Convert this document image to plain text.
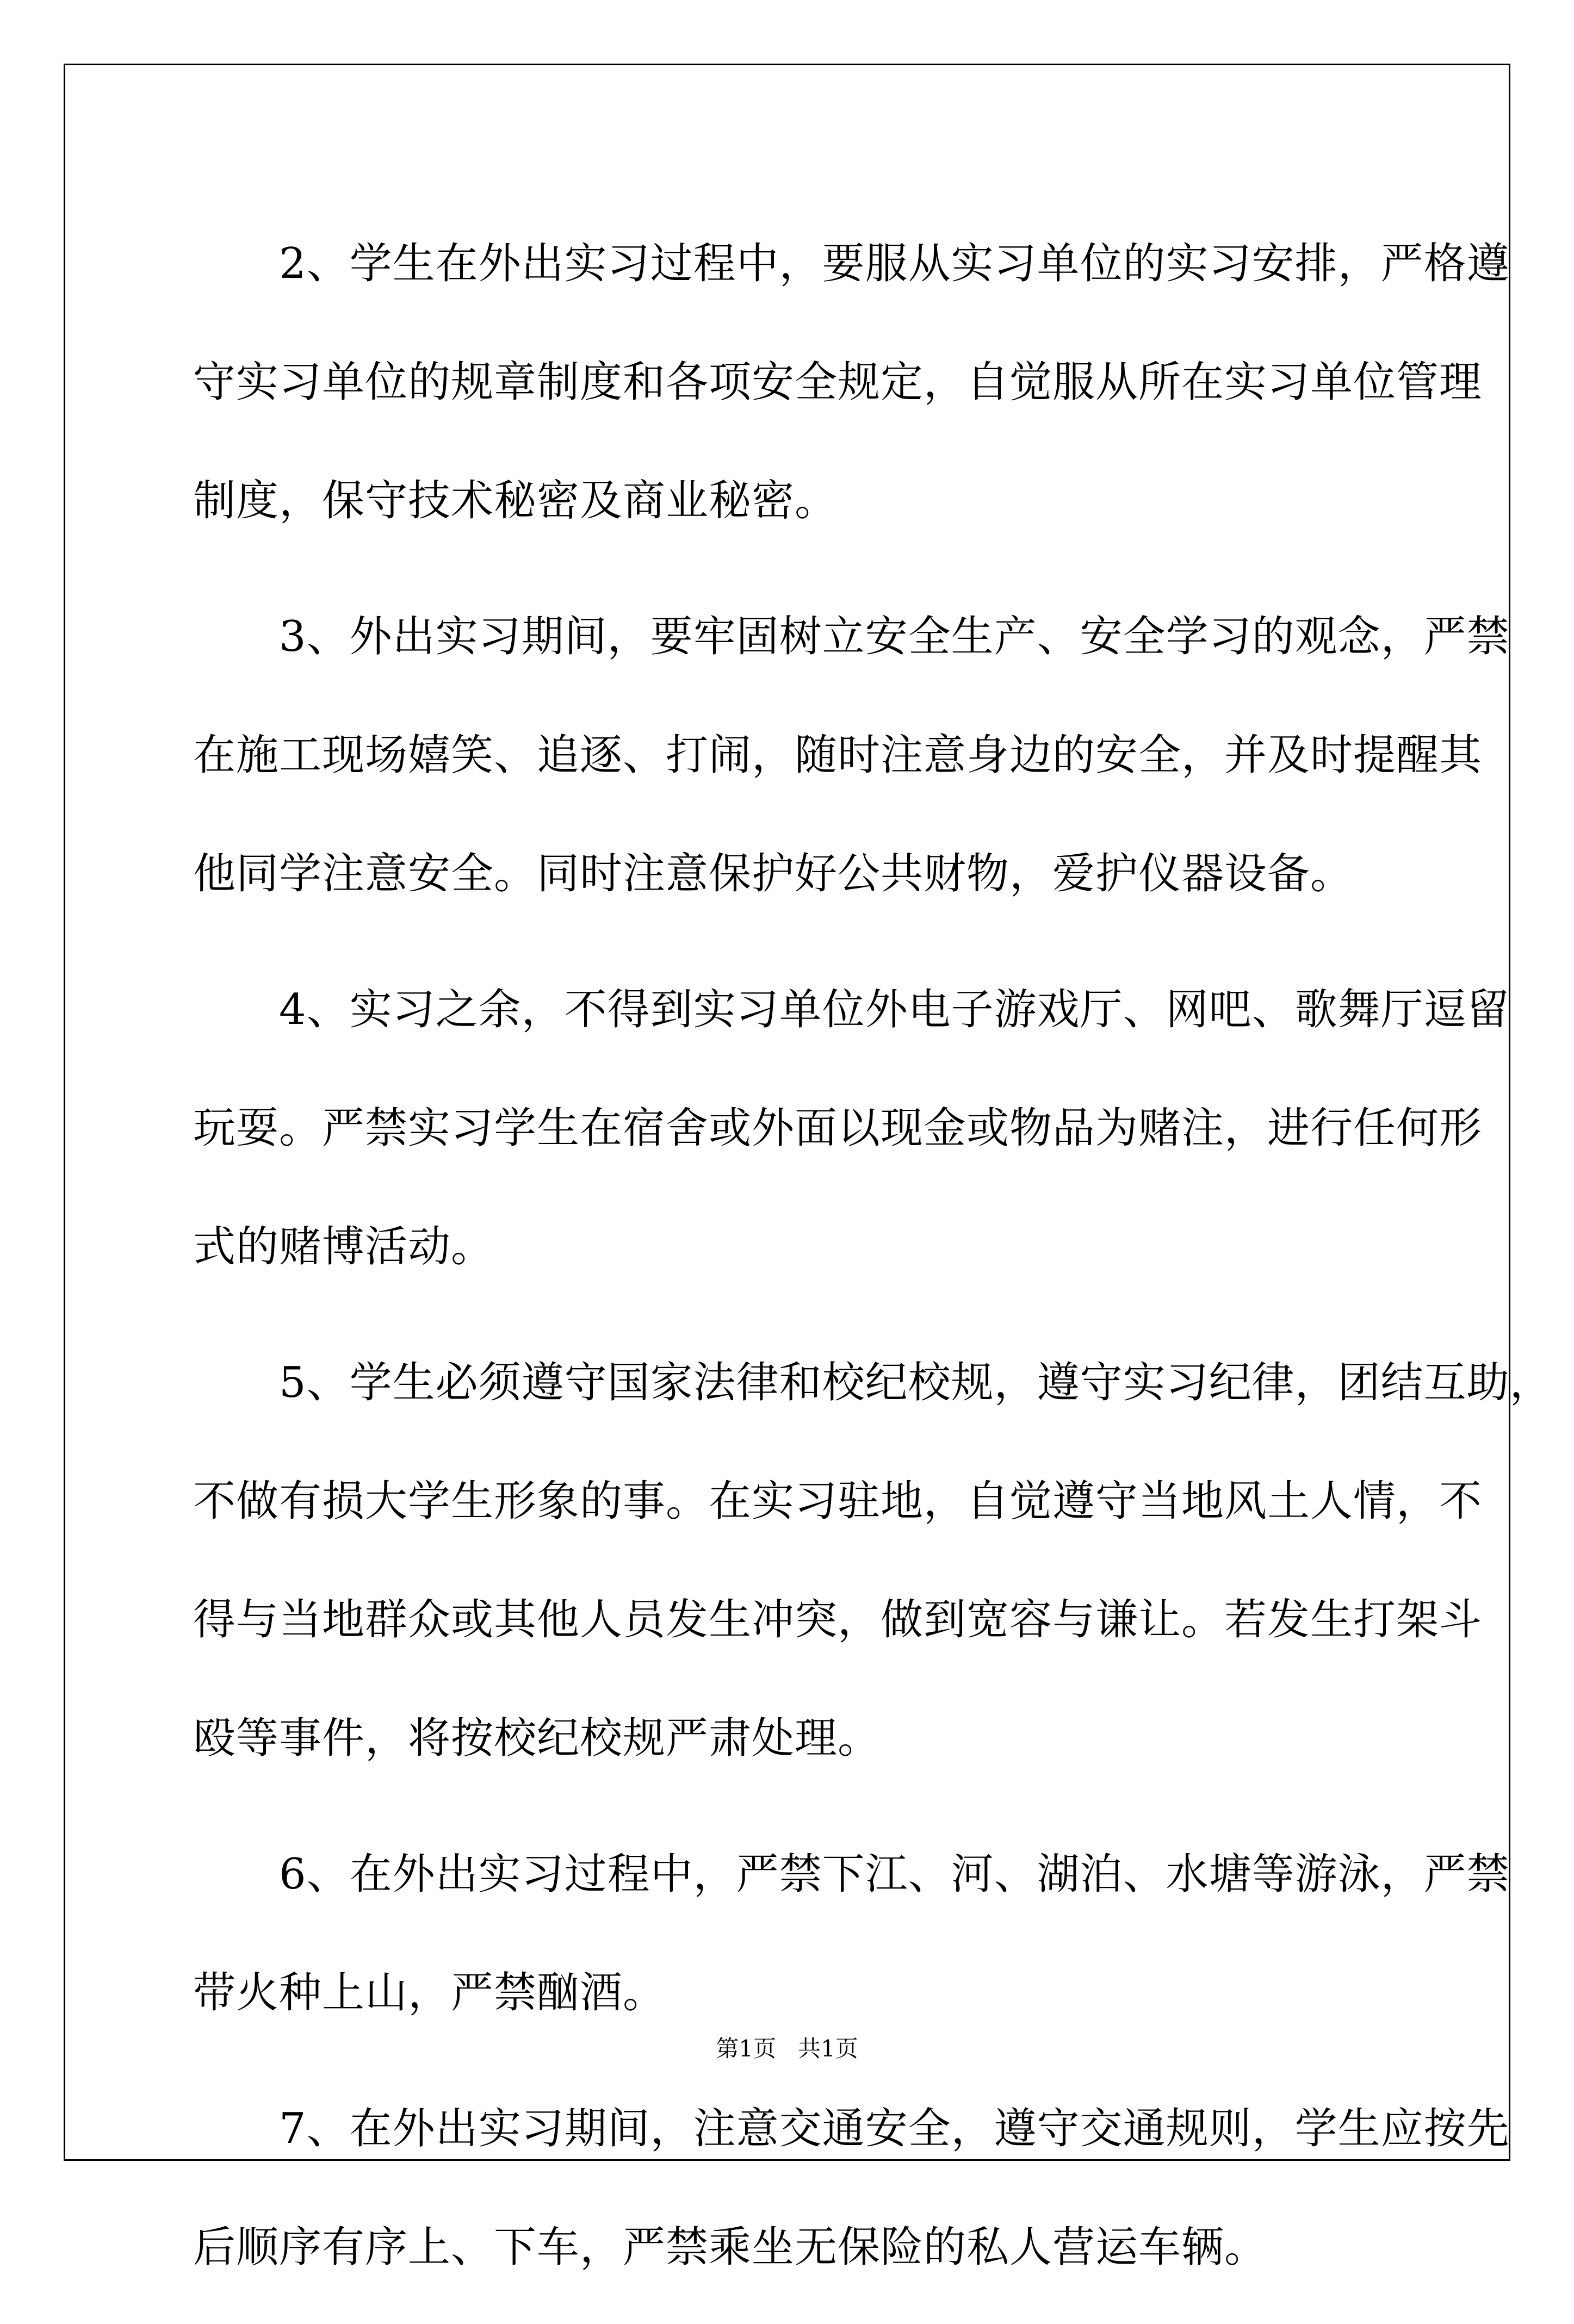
　　2、学生在外出实习过程中，要服从实习单位的实习安排，严格遵
守实习单位的规章制度和各项安全规定，自觉服从所在实习单位管理
制度，保守技术秘密及商业秘密。

　　3、外出实习期间，要牢固树立安全生产、安全学习的观念，严禁
在施工现场嬉笑、追逐、打闹，随时注意身边的安全，并及时提醒其
他同学注意安全。同时注意保护好公共财物，爱护仪器设备。

　　4、实习之余，不得到实习单位外电子游戏厅、网吧、歌舞厅逗留
玩耍。严禁实习学生在宿舍或外面以现金或物品为赌注，进行任何形
式的赌博活动。

　　5、学生必须遵守国家法律和校纪校规，遵守实习纪律，团结互助，
不做有损大学生形象的事。在实习驻地，自觉遵守当地风土人情，不
得与当地群众或其他人员发生冲突，做到宽容与谦让。若发生打架斗
殴等事件，将按校纪校规严肃处理。

　　6、在外出实习过程中，严禁下江、河、湖泊、水塘等游泳，严禁
带火种上山，严禁酗酒。

　　7、在外出实习期间，注意交通安全，遵守交通规则，学生应按先
后顺序有序上、下车，严禁乘坐无保险的私人营运车辆。

第1页 共1页
